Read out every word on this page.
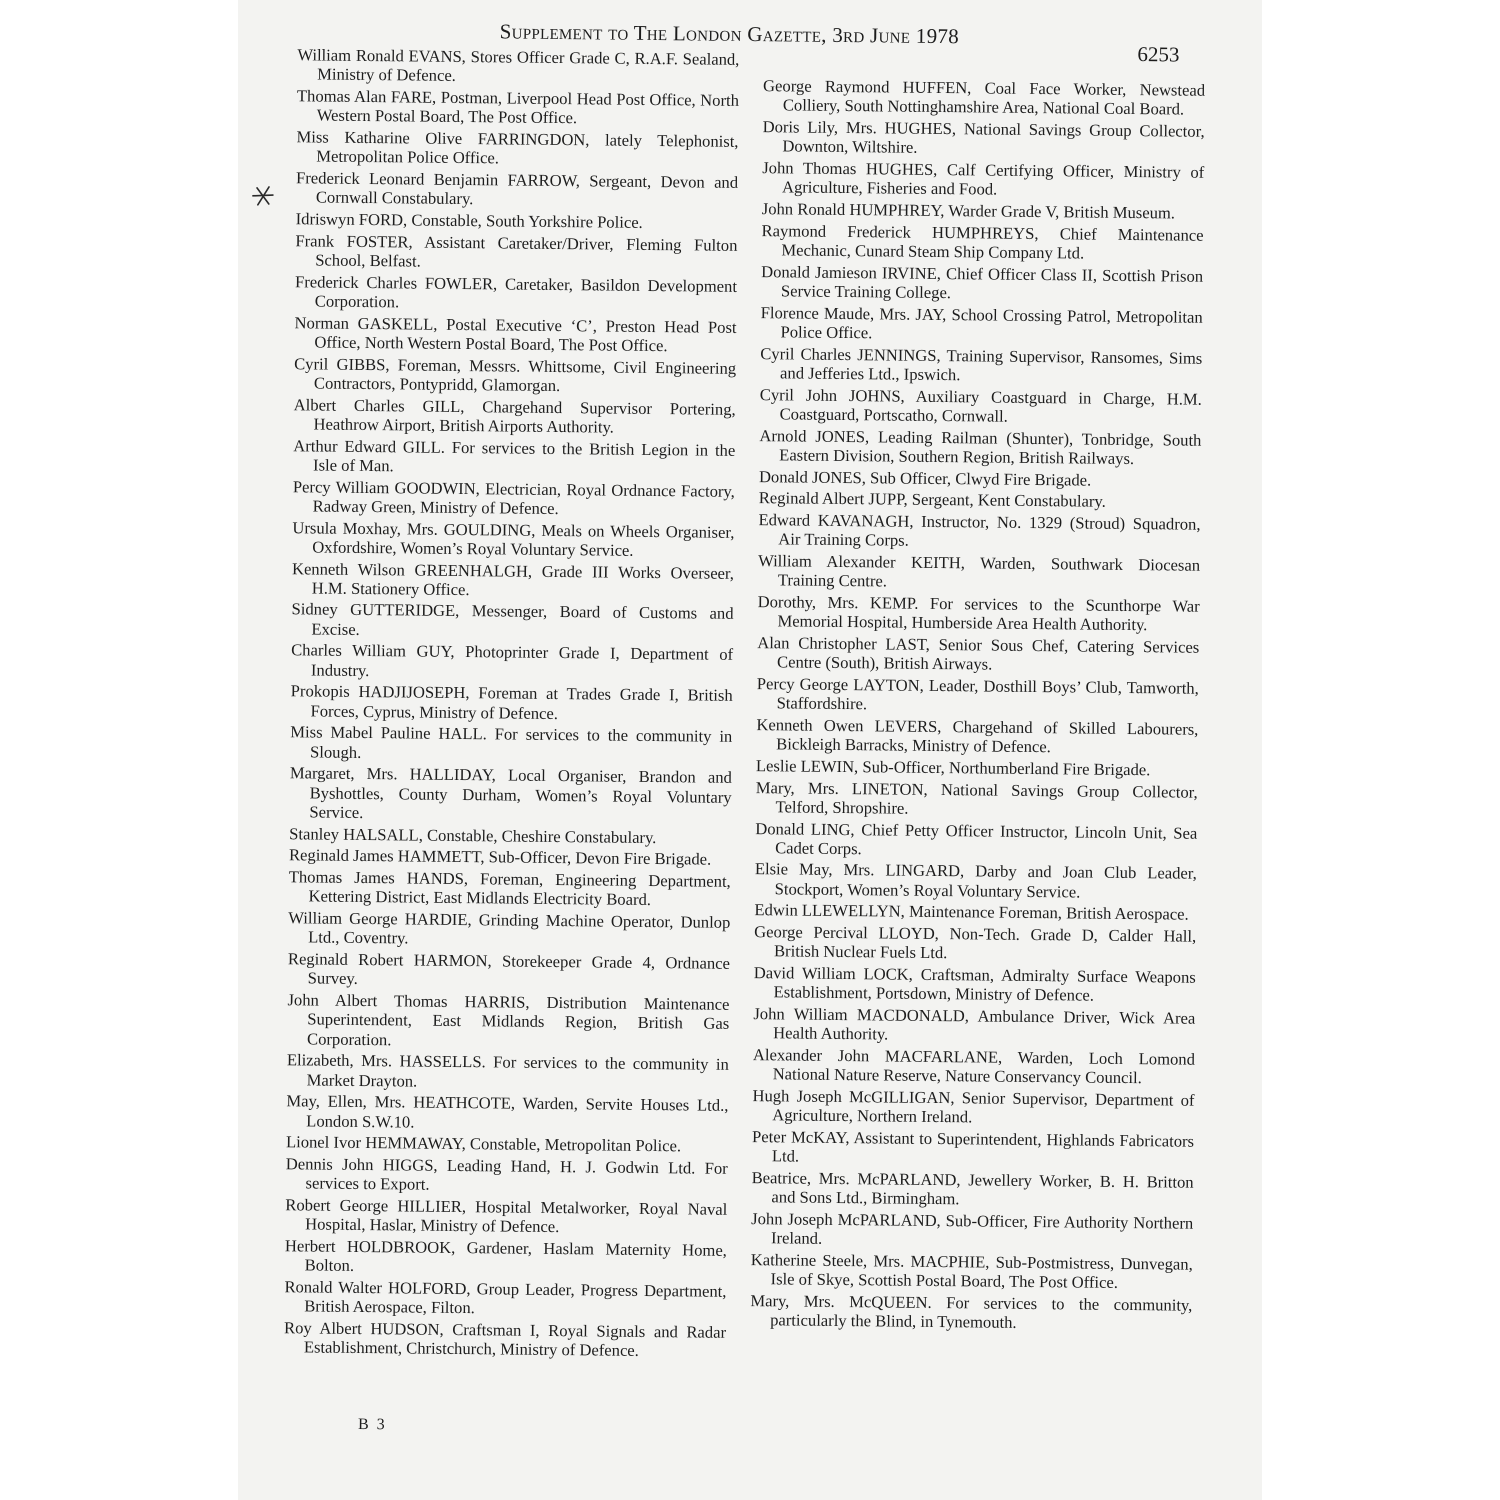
Supplement to The London Gazette, 3rd June 1978
6253
William Ronald EVANS, Stores Officer Grade C, R.A.F. Sealand, Ministry of Defence.
Thomas Alan FARE, Postman, Liverpool Head Post Office, North Western Postal Board, The Post Office.
Miss Katharine Olive FARRINGDON, lately Telephonist, Metropolitan Police Office.
Frederick Leonard Benjamin FARROW, Sergeant, Devon and Cornwall Constabulary.
Idriswyn FORD, Constable, South Yorkshire Police.
Frank FOSTER, Assistant Caretaker/Driver, Fleming Fulton School, Belfast.
Frederick Charles FOWLER, Caretaker, Basildon Development Corporation.
Norman GASKELL, Postal Executive ‘C’, Preston Head Post Office, North Western Postal Board, The Post Office.
Cyril GIBBS, Foreman, Messrs. Whittsome, Civil Engineering Contractors, Pontypridd, Glamorgan.
Albert Charles GILL, Chargehand Supervisor Portering, Heathrow Airport, British Airports Authority.
Arthur Edward GILL. For services to the British Legion in the Isle of Man.
Percy William GOODWIN, Electrician, Royal Ordnance Factory, Radway Green, Ministry of Defence.
Ursula Moxhay, Mrs. GOULDING, Meals on Wheels Organiser, Oxfordshire, Women’s Royal Voluntary Service.
Kenneth Wilson GREENHALGH, Grade III Works Overseer, H.M. Stationery Office.
Sidney GUTTERIDGE, Messenger, Board of Customs and Excise.
Charles William GUY, Photoprinter Grade I, Department of Industry.
Prokopis HADJIJOSEPH, Foreman at Trades Grade I, British Forces, Cyprus, Ministry of Defence.
Miss Mabel Pauline HALL. For services to the community in Slough.
Margaret, Mrs. HALLIDAY, Local Organiser, Brandon and Byshottles, County Durham, Women’s Royal Voluntary Service.
Stanley HALSALL, Constable, Cheshire Constabulary.
Reginald James HAMMETT, Sub-Officer, Devon Fire Brigade.
Thomas James HANDS, Foreman, Engineering Department, Kettering District, East Midlands Electricity Board.
William George HARDIE, Grinding Machine Operator, Dunlop Ltd., Coventry.
Reginald Robert HARMON, Storekeeper Grade 4, Ordnance Survey.
John Albert Thomas HARRIS, Distribution Maintenance Superintendent, East Midlands Region, British Gas Corporation.
Elizabeth, Mrs. HASSELLS. For services to the community in Market Drayton.
May, Ellen, Mrs. HEATHCOTE, Warden, Servite Houses Ltd., London S.W.10.
Lionel Ivor HEMMAWAY, Constable, Metropolitan Police.
Dennis John HIGGS, Leading Hand, H. J. Godwin Ltd. For services to Export.
Robert George HILLIER, Hospital Metalworker, Royal Naval Hospital, Haslar, Ministry of Defence.
Herbert HOLDBROOK, Gardener, Haslam Maternity Home, Bolton.
Ronald Walter HOLFORD, Group Leader, Progress Department, British Aerospace, Filton.
Roy Albert HUDSON, Craftsman I, Royal Signals and Radar Establishment, Christchurch, Ministry of Defence.
George Raymond HUFFEN, Coal Face Worker, Newstead Colliery, South Nottinghamshire Area, National Coal Board.
Doris Lily, Mrs. HUGHES, National Savings Group Collector, Downton, Wiltshire.
John Thomas HUGHES, Calf Certifying Officer, Ministry of Agriculture, Fisheries and Food.
John Ronald HUMPHREY, Warder Grade V, British Museum.
Raymond Frederick HUMPHREYS, Chief Maintenance Mechanic, Cunard Steam Ship Company Ltd.
Donald Jamieson IRVINE, Chief Officer Class II, Scottish Prison Service Training College.
Florence Maude, Mrs. JAY, School Crossing Patrol, Metropolitan Police Office.
Cyril Charles JENNINGS, Training Supervisor, Ransomes, Sims and Jefferies Ltd., Ipswich.
Cyril John JOHNS, Auxiliary Coastguard in Charge, H.M. Coastguard, Portscatho, Cornwall.
Arnold JONES, Leading Railman (Shunter), Tonbridge, South Eastern Division, Southern Region, British Railways.
Donald JONES, Sub Officer, Clwyd Fire Brigade.
Reginald Albert JUPP, Sergeant, Kent Constabulary.
Edward KAVANAGH, Instructor, No. 1329 (Stroud) Squadron, Air Training Corps.
William Alexander KEITH, Warden, Southwark Diocesan Training Centre.
Dorothy, Mrs. KEMP. For services to the Scunthorpe War Memorial Hospital, Humberside Area Health Authority.
Alan Christopher LAST, Senior Sous Chef, Catering Services Centre (South), British Airways.
Percy George LAYTON, Leader, Dosthill Boys’ Club, Tamworth, Staffordshire.
Kenneth Owen LEVERS, Chargehand of Skilled Labourers, Bickleigh Barracks, Ministry of Defence.
Leslie LEWIN, Sub-Officer, Northumberland Fire Brigade.
Mary, Mrs. LINETON, National Savings Group Collector, Telford, Shropshire.
Donald LING, Chief Petty Officer Instructor, Lincoln Unit, Sea Cadet Corps.
Elsie May, Mrs. LINGARD, Darby and Joan Club Leader, Stockport, Women’s Royal Voluntary Service.
Edwin LLEWELLYN, Maintenance Foreman, British Aerospace.
George Percival LLOYD, Non-Tech. Grade D, Calder Hall, British Nuclear Fuels Ltd.
David William LOCK, Craftsman, Admiralty Surface Weapons Establishment, Portsdown, Ministry of Defence.
John William MACDONALD, Ambulance Driver, Wick Area Health Authority.
Alexander John MACFARLANE, Warden, Loch Lomond National Nature Reserve, Nature Conservancy Council.
Hugh Joseph McGILLIGAN, Senior Supervisor, Department of Agriculture, Northern Ireland.
Peter McKAY, Assistant to Superintendent, Highlands Fabricators Ltd.
Beatrice, Mrs. McPARLAND, Jewellery Worker, B. H. Britton and Sons Ltd., Birmingham.
John Joseph McPARLAND, Sub-Officer, Fire Authority Northern Ireland.
Katherine Steele, Mrs. MACPHIE, Sub-Postmistress, Dunvegan, Isle of Skye, Scottish Postal Board, The Post Office.
Mary, Mrs. McQUEEN. For services to the community, particularly the Blind, in Tynemouth.
B 3
